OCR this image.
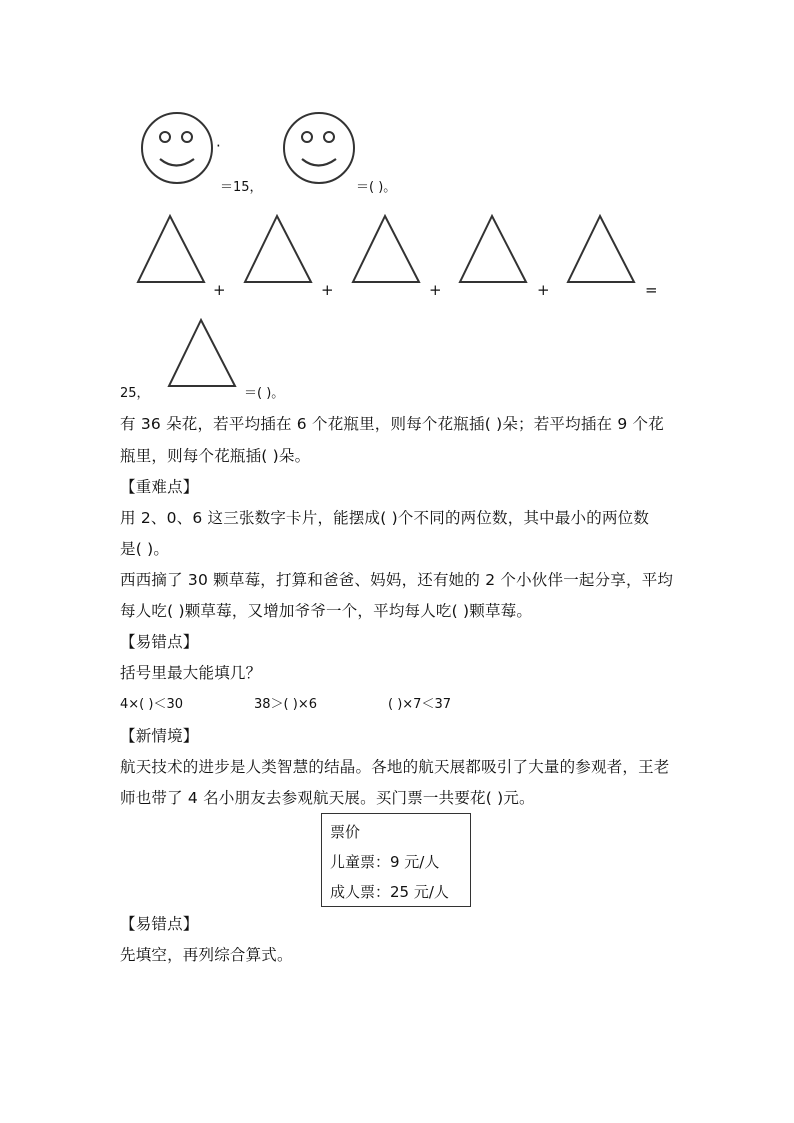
·
＝15，	＝( )。
+	+	+	+	=
25，	＝( )。
有 36 朵花，若平均插在 6 个花瓶里，则每个花瓶插( )朵；若平均插在 9 个花
瓶里，则每个花瓶插( )朵。
【重难点】
用 2、0、6 这三张数字卡片，能摆成( )个不同的两位数，其中最小的两位数
是( )。
西西摘了 30 颗草莓，打算和爸爸、妈妈，还有她的 2 个小伙伴一起分享，平均
每人吃( )颗草莓，又增加爷爷一个，平均每人吃( )颗草莓。
【易错点】
括号里最大能填几？
4×( )＜30	38＞( )×6	( )×7＜37
【新情境】
航天技术的进步是人类智慧的结晶。各地的航天展都吸引了大量的参观者，王老
师也带了 4 名小朋友去参观航天展。买门票一共要花( )元。
票价
儿童票：9 元/人
成人票：25 元/人
【易错点】
先填空，再列综合算式。
